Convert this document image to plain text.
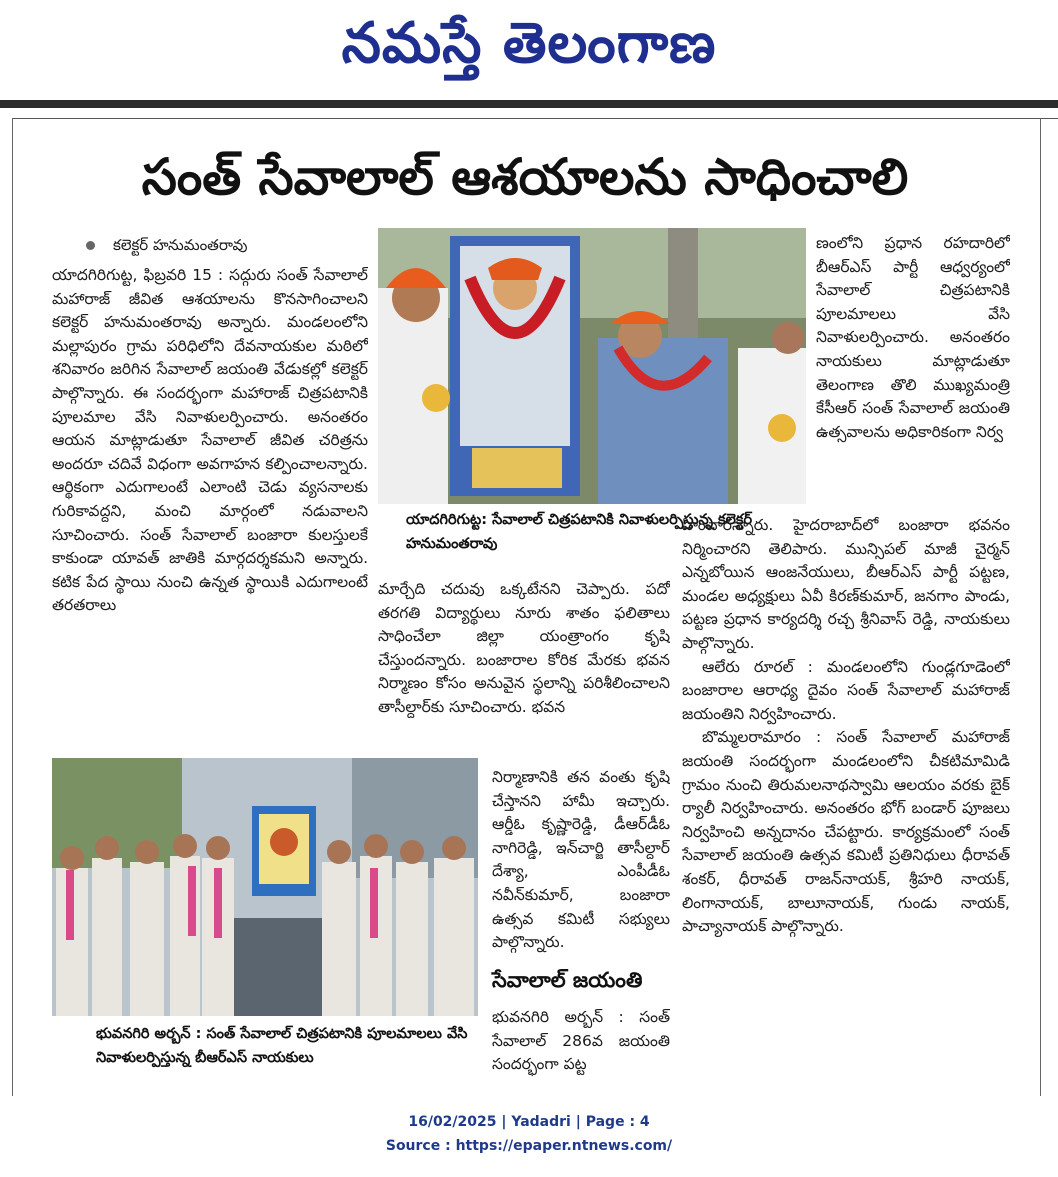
నమస్తే తెలంగాణ
సంత్ సేవాలాల్ ఆశయాలను సాధించాలి
కలెక్టర్ హనుమంతరావు

యాదగిరిగుట్ట, ఫిబ్రవరి 15 : సద్గురు సంత్ సేవాలాల్ మహారాజ్ జీవిత ఆశయాలను కొనసాగించాలని కలెక్టర్ హనుమంతరావు అన్నారు. మండలంలోని మల్లాపురం గ్రామ పరిధిలోని దేవనాయకుల మఠిలో శనివారం జరిగిన సేవాలాల్ జయంతి వేడుకల్లో కలెక్టర్ పాల్గొన్నారు. ఈ సందర్భంగా మహారాజ్ చిత్రపటానికి పూలమాల వేసి నివాళులర్పించారు. అనంతరం ఆయన మాట్లాడుతూ సేవాలాల్ జీవిత చరిత్రను అందరూ చదివే విధంగా అవగాహన కల్పించాలన్నారు. ఆర్థికంగా ఎదుగాలంటే ఎలాంటి చెడు వ్యసనాలకు గురికావద్దని, మంచి మార్గంలో నడువాలని సూచించారు. సంత్ సేవాలాల్ బంజారా కులస్తులకే కాకుండా యావత్ జాతికి మార్గదర్శకమని అన్నారు. కటిక పేద స్థాయి నుంచి ఉన్నత స్థాయికి ఎదుగాలంటే తరతరాలు

యాదగిరిగుట్ట: సేవాలాల్ చిత్రపటానికి నివాళులర్పిస్తున్న కలెక్టర్ హనుమంతరావు

మార్చేది చదువు ఒక్కటేనని చెప్పారు. పదో తరగతి విద్యార్థులు నూరు శాతం ఫలితాలు సాధించేలా జిల్లా యంత్రాంగం కృషి చేస్తుందన్నారు. బంజారాల కోరిక మేరకు భవన నిర్మాణం కోసం అనువైన స్థలాన్ని పరిశీలించాలని తాసీల్దార్‌కు సూచించారు. భవన

భువనగిరి అర్బన్ : సంత్ సేవాలాల్ చిత్రపటానికి పూలమాలలు వేసి నివాళులర్పిస్తున్న బీఆర్‌ఎస్ నాయకులు

నిర్మాణానికి తన వంతు కృషి చేస్తానని హామీ ఇచ్చారు. ఆర్డీఓ కృష్ణారెడ్డి, డీఆర్‌డీఓ నాగిరెడ్డి, ఇన్‌చార్జి తాసీల్దార్ దేశ్యా, ఎంపీడీఓ నవీన్‌కుమార్, బంజారా ఉత్సవ కమిటీ సభ్యులు పాల్గొన్నారు.

సేవాలాల్ జయంతి

భువనగిరి అర్బన్ : సంత్ సేవాలాల్ 286వ జయంతి సందర్భంగా పట్ట

ణంలోని ప్రధాన రహదారిలో బీఆర్‌ఎస్ పార్టీ ఆధ్వర్యంలో సేవాలాల్ చిత్రపటానికి పూలమాలలు వేసి నివాళులర్పించారు. అనంతరం నాయకులు మాట్లాడుతూ తెలంగాణ తొలి ముఖ్యమంత్రి కేసీఆర్ సంత్ సేవాలాల్ జయంతి ఉత్సవాలను అధికారికంగా నిర్వ

హించారన్నారు. హైదరాబాద్‌లో బంజారా భవనం నిర్మించారని తెలిపారు. మున్సిపల్ మాజీ చైర్మన్ ఎన్నబోయిన ఆంజనేయులు, బీఆర్‌ఎస్ పార్టీ పట్టణ, మండల అధ్యక్షులు ఏవీ కిరణ్‌కుమార్, జనగాం పాండు, పట్టణ ప్రధాన కార్యదర్శి రచ్చ శ్రీనివాస్ రెడ్డి, నాయకులు పాల్గొన్నారు.

ఆలేరు రూరల్ : మండలంలోని గుండ్లగూడెంలో బంజారాల ఆరాధ్య దైవం సంత్ సేవాలాల్ మహారాజ్ జయంతిని నిర్వహించారు.

బొమ్మలరామారం : సంత్ సేవాలాల్ మహారాజ్ జయంతి సందర్భంగా మండలంలోని చీకటిమామిడి గ్రామం నుంచి తిరుమలనాథస్వామి ఆలయం వరకు బైక్ ర్యాలీ నిర్వహించారు. అనంతరం భోగ్ బండార్ పూజలు నిర్వహించి అన్నదానం చేపట్టారు. కార్యక్రమంలో సంత్ సేవాలాల్ జయంతి ఉత్సవ కమిటీ ప్రతినిధులు ధీరావత్ శంకర్, ధీరావత్ రాజన్‌నాయక్, శ్రీహరి నాయక్, లింగానాయక్, బాలూనాయక్, గుండు నాయక్, పాచ్యానాయక్ పాల్గొన్నారు.

16/02/2025 | Yadadri | Page : 4
Source : https://epaper.ntnews.com/
